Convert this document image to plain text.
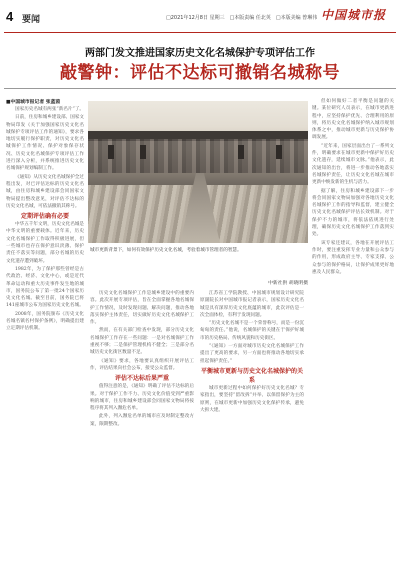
4 要闻	□2021年12月8日 星期三　□本版责编 任北英　□本版美编 曾琳伟 中国城市报
两部门发文推进国家历史文化名城保护专项评估工作
敲警钟：评估不达标可撤销名城称号

■中国城市报记者 张蓝茵

国家历史名城有两张“新名片”了。

日前，住房和城乡建设部、国家文物局印发《关于加强国家历史文化名城保护专项评估工作的通知》，要求各地切实履行保护职责，对历史文化名城保护工作情况、保护对象保存状况、历史文化名城保护专项评估工作进行深入分析，并系统推进历史文化名城保护规划编制工作。

《通知》从历史文化名城保护全过程出发，对已评估达标的历史文化名城，由住房和城乡建设部会同国家文物局提出整改意见，对评估不达标的历史文化名城，可依法撤销其称号。

定期评估确有必要

中华五千年文明，历史文化名城是中华文明的重要载体。近年来，历史文化名城保护工作取得积极进展，但一些城市也存在保护意识淡薄、保护责任不落实等问题，部分名城的历史文化遗存遭到破坏。

1982年，为了保护那些曾经是古代政治、经济、文化中心，或是近代革命运动和重大历史事件发生地的城市，国务院公布了第一批24个国家历史文化名城。截至目前，国务院已将141座城市公布为国家历史文化名城。

2008年，国务院颁布《历史文化名城名镇名村保护条例》，明确提出建立定期评估机制。

城市更新背景下，如何有效保护历史文化名城，考验着城市管理者的智慧。
中新社供 胡晓明摄

历史文化名城保护工作是城乡建设中的重要内容。此次开展专项评估，旨在全面掌握各地名城保护工作情况，及时发现问题、解决问题，推动各地落实保护主体责任，切实做好历史文化名城保护工作。

然而，在有关部门检查中发现，部分历史文化名城保护工作存在一些问题：一是对名城保护工作重视不够；二是保护管理机构不健全；三是部分名城历史文化街区数量不足。

《通知》要求，各地要认真组织开展评估工作，评估结果向社会公布，接受公众监督。

评估不达标后果严重

值得注意的是，《通知》明确了评估不达标的后果。对于保护工作不力、历史文化价值受到严重影响的城市，住房和城乡建设部会同国家文物局将按程序将其列入濒危名单。

此外，列入濒危名单的城市应及时制定整改方案，限期整改。

江苏省工学院教授、中国城市规划设计研究院原副院长对中国城市报记者表示，国家历史文化名城是具有深厚历史文化底蕴的城市，此次评估是一次全面体检，有利于发现问题。

“历史文化名城不是一个荣誉称号，而是一份沉甸甸的责任。”他说，名城保护的关键在于保护好城市的历史格局、传统风貌和历史街区。

“《通知》一方面对城市历史文化名城保护工作提出了更高的要求，另一方面也将推动各地切实承担起保护责任。”

平衡城市更新与历史文化名城保护的关系

城市更新过程中如何保护好历史文化名城？专家指出，要坚持“留改拆”并举、以保留保护为主的原则，在城市更新中加强历史文化保护传承，避免大拆大建。

但如何做好二者平衡是问题的关键。某位研究人员表示，在城市更新进程中，应坚持保护优先、合理利用的原则，将历史文化名城保护纳入城市规划体系之中，推动城市更新与历史保护协调发展。

“近年来，国家层面出台了一系列文件，明确要求在城市更新中保护好历史文化遗存，延续城市文脉。”他表示，此次通知的出台，将进一步推动各地落实名城保护责任，让历史文化名城在城市更新中焕发新的生机与活力。

据了解，住房和城乡建设部下一步将会同国家文物局加强对各地历史文化名城保护工作的指导和监督，建立健全历史文化名城保护评估长效机制。对于保护不力的城市，将依法依规进行处理，确保历史文化名城保护工作落到实处。

该专家还建议，各地在开展评估工作时，要注重发挥专业力量和公众参与的作用，形成政府主导、专家支撑、公众参与的保护格局，让保护成果更好地惠及人民群众。
